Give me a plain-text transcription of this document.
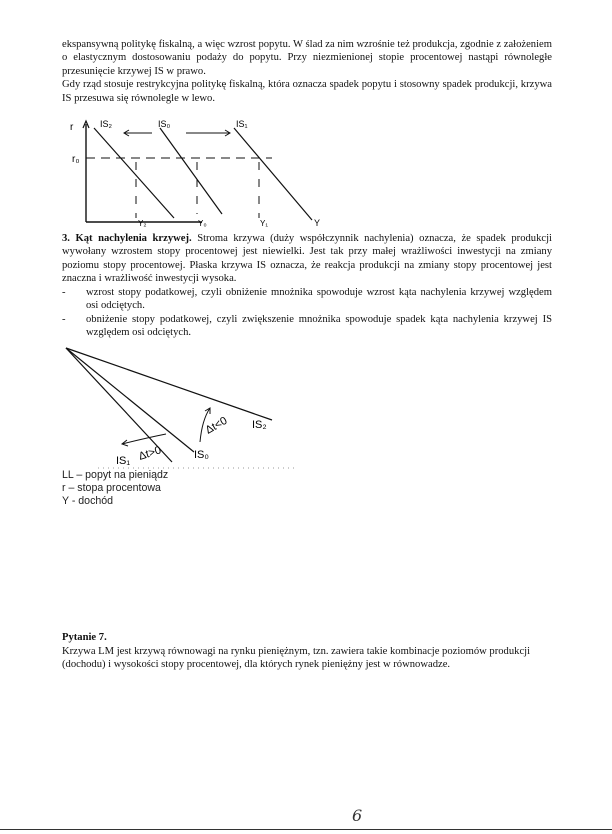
ekspansywną politykę fiskalną, a więc wzrost popytu. W ślad za nim wzrośnie też produkcja, zgodnie z założeniem o elastycznym dostosowaniu podaży do popytu. Przy niezmienionej stopie procentowej nastąpi równoległe przesunięcie krzywej IS w prawo.

Gdy rząd stosuje restrykcyjna politykę fiskalną, która oznacza spadek popytu i stosowny spadek produkcji, krzywa IS przesuwa się równolegle w lewo.

r
r₀
IS₂	IS₀	IS₁
Y₂	Y₀	Y₁	Y

3. Kąt nachylenia krzywej. Stroma krzywa (duży współczynnik nachylenia) oznacza, że spadek produkcji wywołany wzrostem stopy procentowej jest niewielki. Jest tak przy małej wrażliwości inwestycji na zmiany poziomu stopy procentowej. Płaska krzywa IS oznacza, że reakcja produkcji na zmiany stopy procentowej jest znaczna i wrażliwość inwestycji wysoka.

-	wzrost stopy podatkowej, czyli obniżenie mnożnika spowoduje wzrost kąta nachylenia krzywej względem osi odciętych.
-	obniżenie stopy podatkowej, czyli zwiększenie mnożnika spowoduje spadek kąta nachylenia krzywej IS względem osi odciętych.
IS₂
IS₀
IS₁
Δt<0
Δt>0
LL – popyt na pieniądz
r – stopa procentowa
Y - dochód
Pytanie 7.
Krzywa LM jest krzywą równowagi na rynku pieniężnym, tzn. zawiera takie kombinacje poziomów produkcji (dochodu) i wysokości stopy procentowej, dla których rynek pieniężny jest w równowadze.
6
